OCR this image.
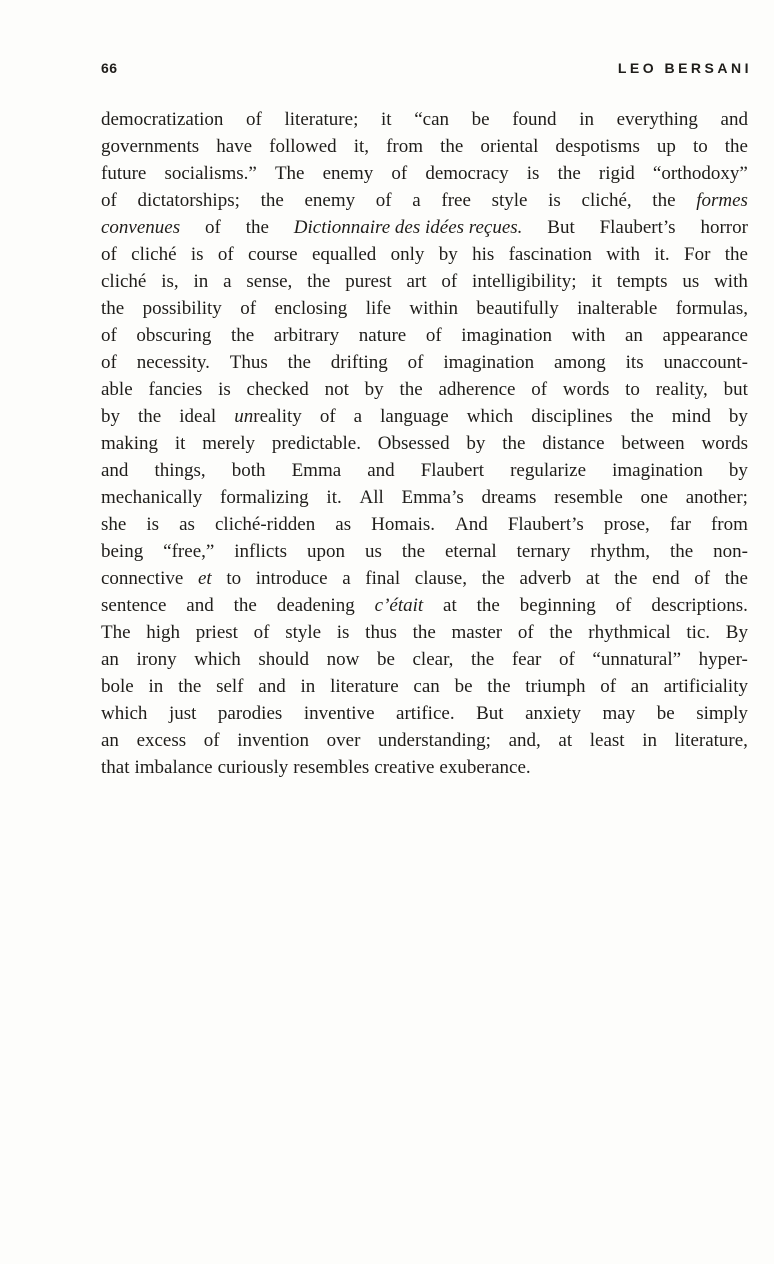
66	LEO BERSANI
democratization of literature; it “can be found in everything and
governments have followed it, from the oriental despotisms up to the
future socialisms.” The enemy of democracy is the rigid “orthodoxy”
of dictatorships; the enemy of a free style is cliché, the formes
convenues of the Dictionnaire des idées reçues. But Flaubert’s horror
of cliché is of course equalled only by his fascination with it. For the
cliché is, in a sense, the purest art of intelligibility; it tempts us with
the possibility of enclosing life within beautifully inalterable formulas,
of obscuring the arbitrary nature of imagination with an appearance
of necessity. Thus the drifting of imagination among its unaccount-
able fancies is checked not by the adherence of words to reality, but
by the ideal unreality of a language which disciplines the mind by
making it merely predictable. Obsessed by the distance between words
and things, both Emma and Flaubert regularize imagination by
mechanically formalizing it. All Emma’s dreams resemble one another;
she is as cliché-ridden as Homais. And Flaubert’s prose, far from
being “free,” inflicts upon us the eternal ternary rhythm, the non-
connective et to introduce a final clause, the adverb at the end of the
sentence and the deadening c’était at the beginning of descriptions.
The high priest of style is thus the master of the rhythmical tic. By
an irony which should now be clear, the fear of “unnatural” hyper-
bole in the self and in literature can be the triumph of an artificiality
which just parodies inventive artifice. But anxiety may be simply
an excess of invention over understanding; and, at least in literature,
that imbalance curiously resembles creative exuberance.
